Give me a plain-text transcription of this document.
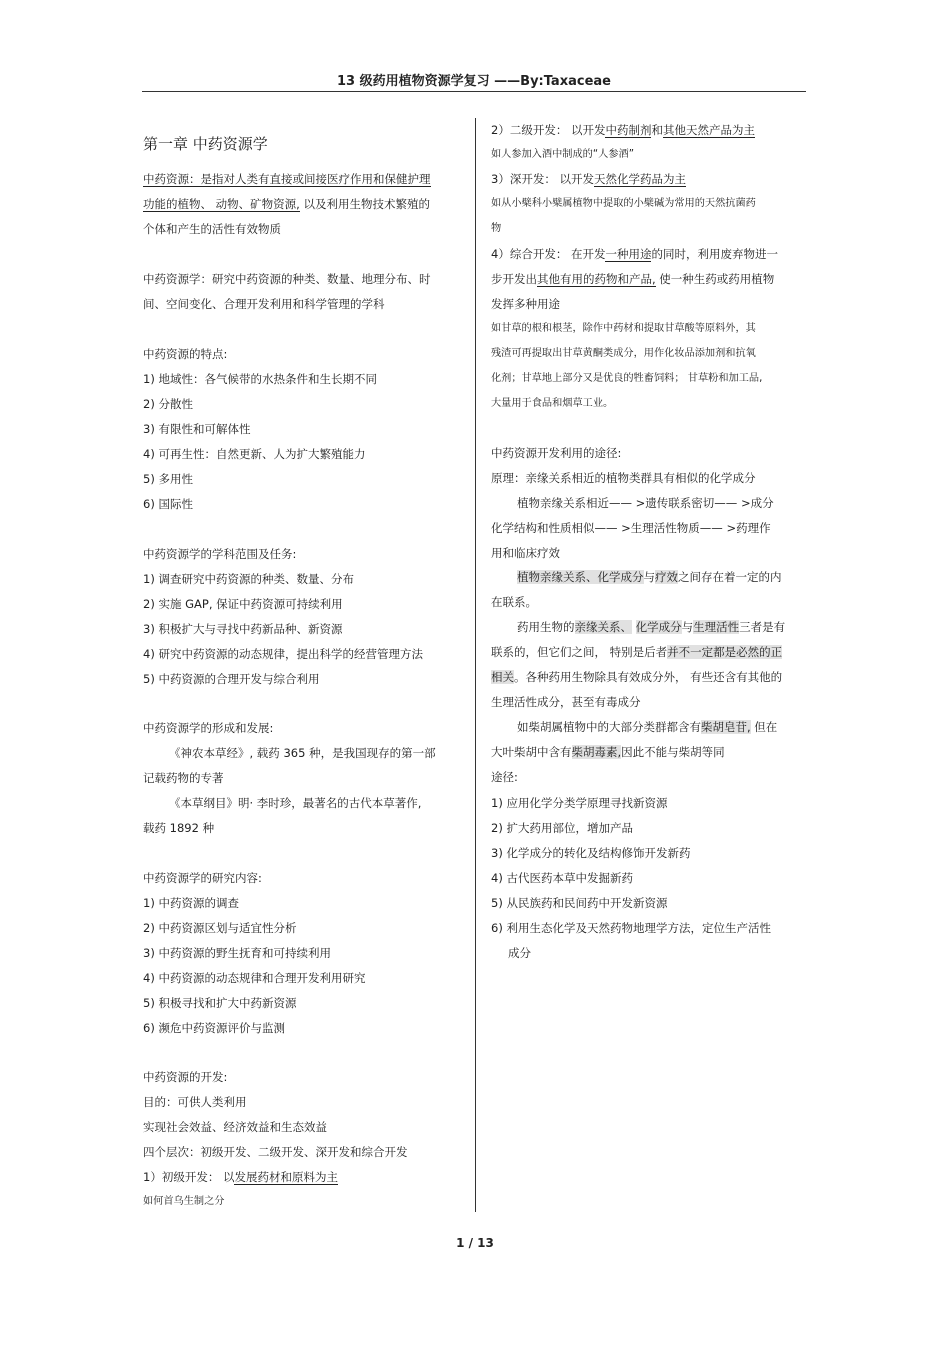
13 级药用植物资源学复习 ——By:Taxaceae
第一章 中药资源学
中药资源：是指对人类有直接或间接医疗作用和保健护理
功能的植物、 动物、矿物资源, 以及利用生物技术繁殖的
个体和产生的活性有效物质
中药资源学：研究中药资源的种类、数量、地理分布、时
间、空间变化、合理开发利用和科学管理的学科
中药资源的特点:
1) 地域性：各气候带的水热条件和生长期不同
2) 分散性
3) 有限性和可解体性
4) 可再生性：自然更新、人为扩大繁殖能力
5) 多用性
6) 国际性
中药资源学的学科范围及任务:
1) 调查研究中药资源的种类、数量、分布
2) 实施 GAP, 保证中药资源可持续利用
3) 积极扩大与寻找中药新品种、新资源
4) 研究中药资源的动态规律，提出科学的经营管理方法
5) 中药资源的合理开发与综合利用
中药资源学的形成和发展:
《神农本草经》, 载药 365 种，是我国现存的第一部
记载药物的专著
《本草纲目》明· 李时珍，最著名的古代本草著作,
载药 1892 种
中药资源学的研究内容:
1) 中药资源的调查
2) 中药资源区划与适宜性分析
3) 中药资源的野生抚育和可持续利用
4) 中药资源的动态规律和合理开发利用研究
5) 积极寻找和扩大中药新资源
6) 濒危中药资源评价与监测
中药资源的开发:
目的：可供人类利用
实现社会效益、经济效益和生态效益
四个层次：初级开发、二级开发、深开发和综合开发
1）初级开发： 以发展药材和原料为主
如何首乌生制之分
2）二级开发： 以开发中药制剂和其他天然产品为主
如人参加入酒中制成的“人参酒”
3）深开发： 以开发天然化学药品为主
如从小檗科小檗属植物中提取的小檗碱为常用的天然抗菌药
物
4）综合开发： 在开发一种用途的同时，利用废弃物进一
步开发出其他有用的药物和产品, 使一种生药或药用植物
发挥多种用途
如甘草的根和根茎，除作中药材和提取甘草酸等原料外，其
残渣可再提取出甘草黄酮类成分，用作化妆品添加剂和抗氧
化剂；甘草地上部分又是优良的牲畜饲料； 甘草粉和加工品,
大量用于食品和烟草工业。
中药资源开发利用的途径:
原理：亲缘关系相近的植物类群具有相似的化学成分
植物亲缘关系相近—— >遗传联系密切—— >成分
化学结构和性质相似—— >生理活性物质—— >药理作
用和临床疗效
植物亲缘关系、化学成分与疗效之间存在着一定的内
在联系。
药用生物的亲缘关系、 化学成分与生理活性三者是有
联系的，但它们之间， 特别是后者并不一定都是必然的正
相关。各种药用生物除具有效成分外， 有些还含有其他的
生理活性成分，甚至有毒成分
如柴胡属植物中的大部分类群都含有柴胡皂苷, 但在
大叶柴胡中含有柴胡毒素,因此不能与柴胡等同
途径:
1) 应用化学分类学原理寻找新资源
2) 扩大药用部位，增加产品
3) 化学成分的转化及结构修饰开发新药
4) 古代医药本草中发掘新药
5) 从民族药和民间药中开发新资源
6) 利用生态化学及天然药物地理学方法，定位生产活性
成分
1 / 13
